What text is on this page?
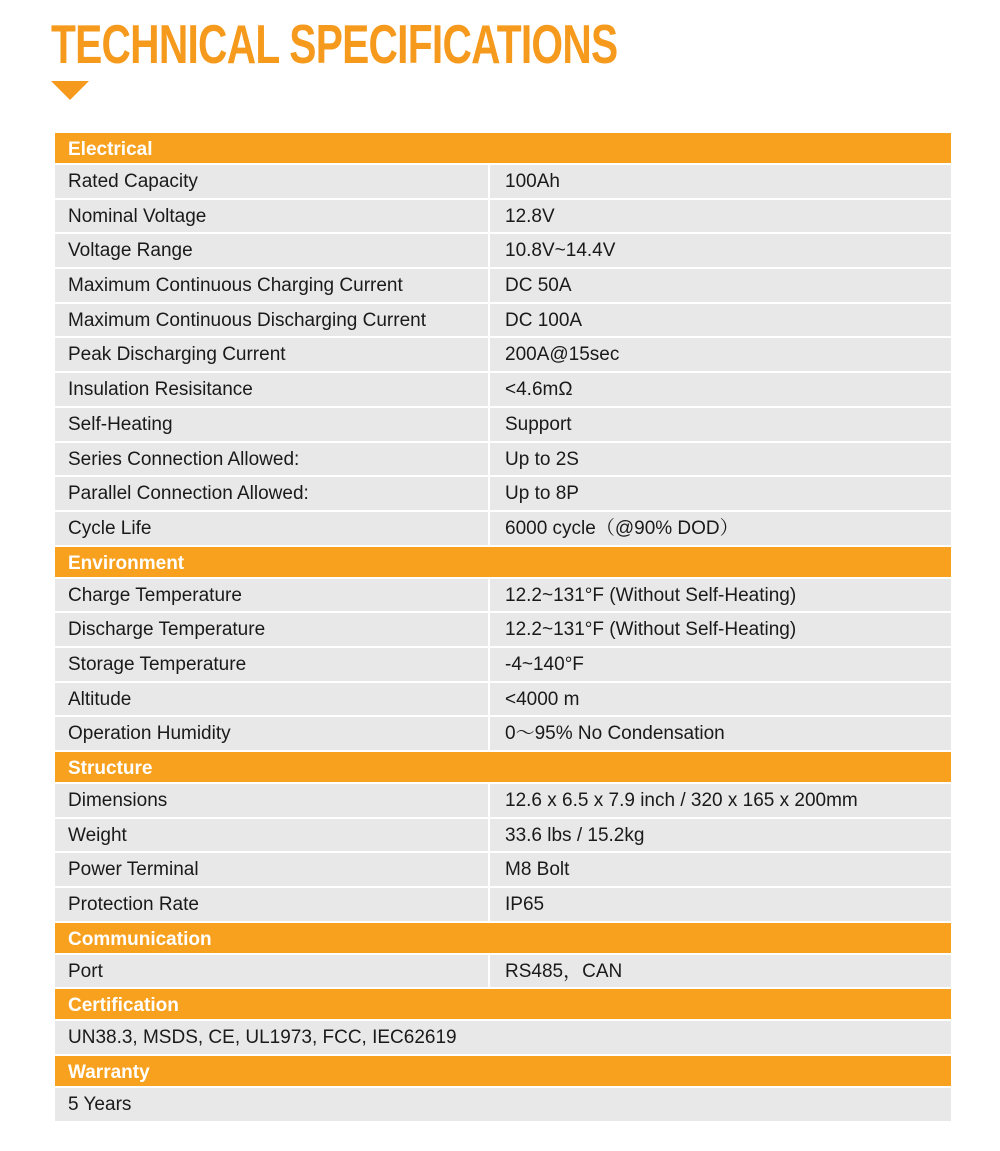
TECHNICAL SPECIFICATIONS
Electrical
Rated Capacity	100Ah
Nominal Voltage	12.8V
Voltage Range	10.8V~14.4V
Maximum Continuous Charging Current	DC 50A
Maximum Continuous Discharging Current	DC 100A
Peak Discharging Current	200A@15sec
Insulation Resisitance	<4.6mΩ
Self-Heating	Support
Series Connection Allowed:	Up to 2S
Parallel Connection Allowed:	Up to 8P
Cycle Life	6000 cycle（@90% DOD）
Environment
Charge Temperature	12.2~131°F (Without Self-Heating)
Discharge Temperature	12.2~131°F (Without Self-Heating)
Storage Temperature	-4~140°F
Altitude	<4000 m
Operation Humidity	0～95% No Condensation
Structure
Dimensions	12.6 x 6.5 x 7.9 inch / 320 x 165 x 200mm
Weight	33.6 lbs / 15.2kg
Power Terminal	M8 Bolt
Protection Rate	IP65
Communication
Port	RS485，CAN
Certification
UN38.3, MSDS, CE, UL1973, FCC, IEC62619
Warranty
5 Years
